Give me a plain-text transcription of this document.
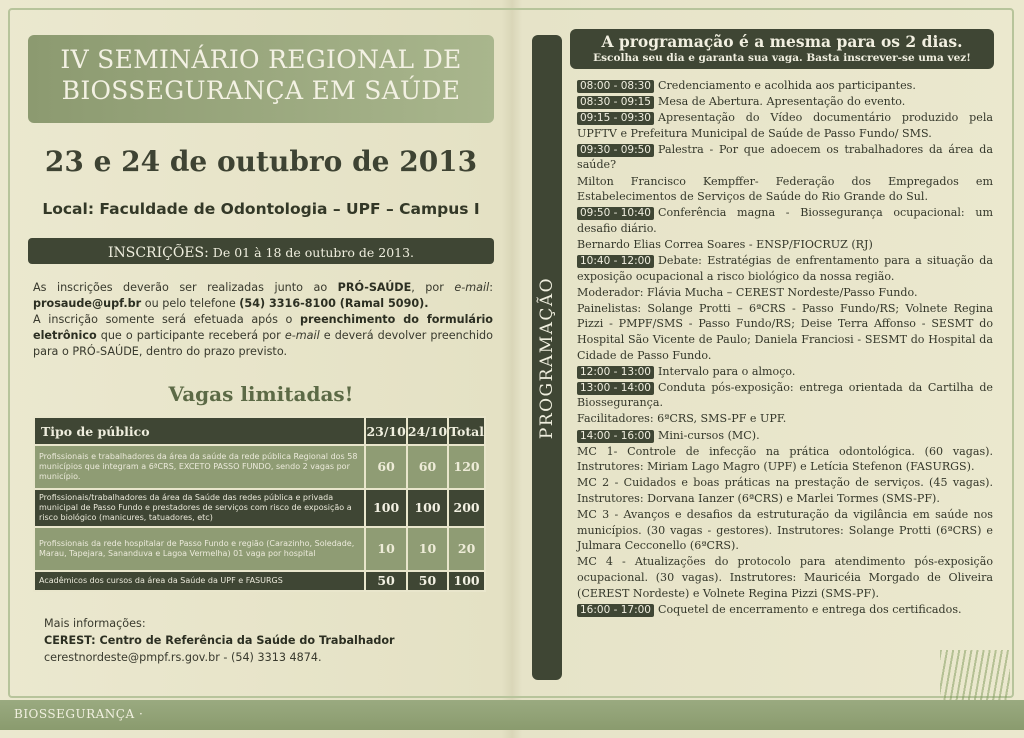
IV SEMINÁRIO REGIONAL DE
BIOSSEGURANÇA EM SAÚDE
23 e 24 de outubro de 2013
Local: Faculdade de Odontologia – UPF – Campus I
INSCRIÇÕES: De 01 à 18 de outubro de 2013.

As inscrições deverão ser realizadas junto ao PRÓ-SAÚDE, por e-mail: prosaude@upf.br ou pelo telefone (54) 3316-8100 (Ramal 5090).

A inscrição somente será efetuada após o preenchimento do formulário eletrônico que o participante receberá por e-mail e deverá devolver preenchido para o PRÓ-SAÚDE, dentro do prazo previsto.

Vagas limitadas!
Tipo de público	23/10	24/10	Total
Profissionais e trabalhadores da área da saúde da rede pública Regional dos 58 municípios que integram a 6ªCRS, EXCETO PASSO FUNDO, sendo 2 vagas por município.	60	60	120
Profissionais/trabalhadores da área da Saúde das redes pública e privada municipal de Passo Fundo e prestadores de serviços com risco de exposição a risco biológico (manicures, tatuadores, etc)	100	100	200
Profissionais da rede hospitalar de Passo Fundo e região (Carazinho, Soledade, Marau, Tapejara, Sananduva e Lagoa Vermelha) 01 vaga por hospital	10	10	20
Acadêmicos dos cursos da área da Saúde da UPF e FASURGS	50	50	100
Mais informações:
CEREST: Centro de Referência da Saúde do Trabalhador
cerestnordeste@pmpf.rs.gov.br - (54) 3313 4874.
PROGRAMAÇÃO
A programação é a mesma para os 2 dias.
Escolha seu dia e garanta sua vaga. Basta inscrever-se uma vez!

08:00 - 08:30 Credenciamento e acolhida aos participantes.

08:30 - 09:15 Mesa de Abertura. Apresentação do evento.

09:15 - 09:30 Apresentação do Vídeo documentário produzido pela UPFTV e Prefeitura Municipal de Saúde de Passo Fundo/ SMS.

09:30 - 09:50 Palestra - Por que adoecem os trabalhadores da área da saúde?

Milton Francisco Kempffer- Federação dos Empregados em Estabelecimentos de Serviços de Saúde do Rio Grande do Sul.

09:50 - 10:40 Conferência magna - Biossegurança ocupacional: um desafio diário.

Bernardo Elias Correa Soares - ENSP/FIOCRUZ (RJ)

10:40 - 12:00 Debate: Estratégias de enfrentamento para a situação da exposição ocupacional a risco biológico da nossa região.

Moderador: Flávia Mucha – CEREST Nordeste/Passo Fundo.

Painelistas: Solange Protti – 6ªCRS - Passo Fundo/RS; Volnete Regina Pizzi - PMPF/SMS - Passo Fundo/RS; Deise Terra Affonso - SESMT do Hospital São Vicente de Paulo; Daniela Franciosi - SESMT do Hospital da Cidade de Passo Fundo.

12:00 - 13:00 Intervalo para o almoço.

13:00 - 14:00 Conduta pós-exposição: entrega orientada da Cartilha de Biossegurança.

Facilitadores: 6ªCRS, SMS-PF e UPF.

14:00 - 16:00 Mini-cursos (MC).

MC 1- Controle de infecção na prática odontológica. (60 vagas). Instrutores: Miriam Lago Magro (UPF) e Letícia Stefenon (FASURGS).

MC 2 - Cuidados e boas práticas na prestação de serviços. (45 vagas). Instrutores: Dorvana Ianzer (6ªCRS) e Marlei Tormes (SMS-PF).

MC 3 - Avanços e desafios da estruturação da vigilância em saúde nos municípios. (30 vagas - gestores). Instrutores: Solange Protti (6ªCRS) e Julmara Cecconello (6ªCRS).

MC 4 - Atualizações do protocolo para atendimento pós-exposição ocupacional. (30 vagas). Instrutores: Mauricéia Morgado de Oliveira (CEREST Nordeste) e Volnete Regina Pizzi (SMS-PF).

16:00 - 17:00 Coquetel de encerramento e entrega dos certificados.

BIOSSEGURANÇA ·
